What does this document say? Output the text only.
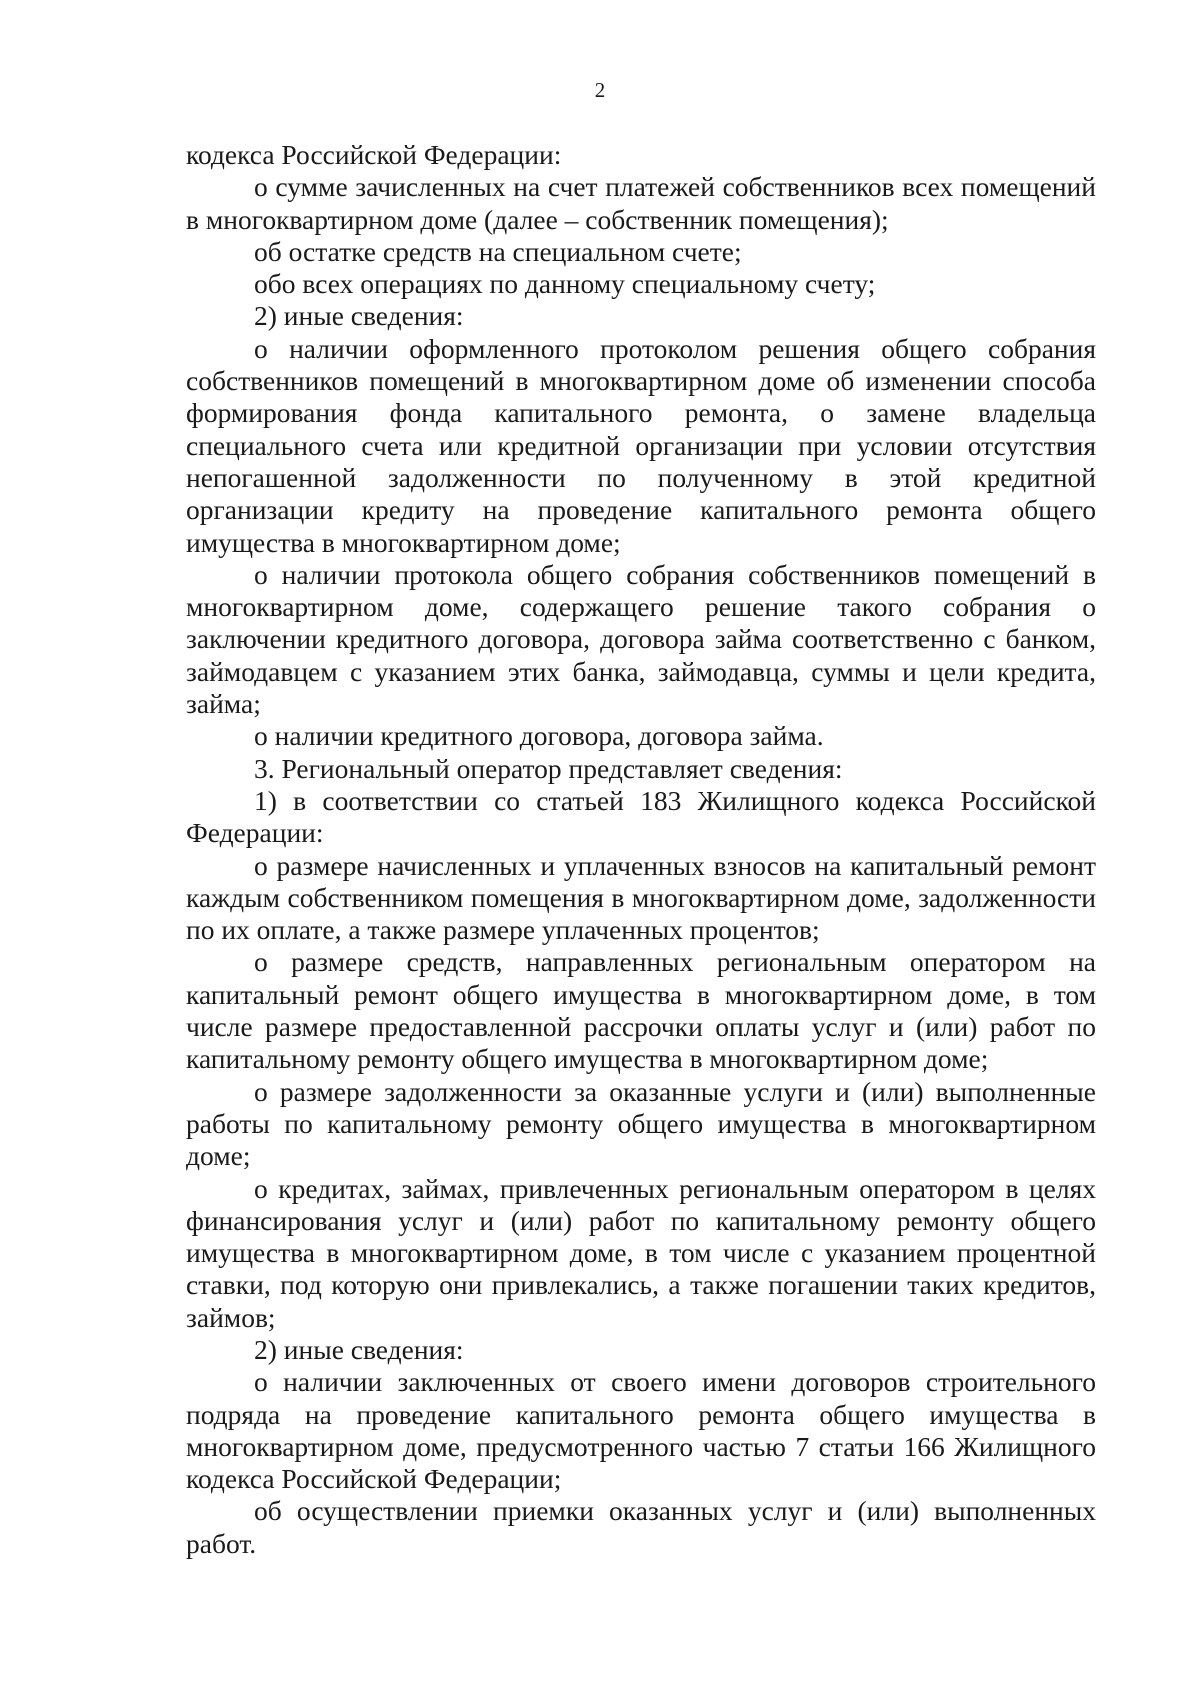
2

кодекса Российской Федерации:

о сумме зачисленных на счет платежей собственников всех помещений в многоквартирном доме (далее – собственник помещения);

об остатке средств на специальном счете;

обо всех операциях по данному специальному счету;

2) иные сведения:

о наличии оформленного протоколом решения общего собрания собственников помещений в многоквартирном доме об изменении способа формирования фонда капитального ремонта, о замене владельца специального счета или кредитной организации при условии отсутствия непогашенной задолженности по полученному в этой кредитной организации кредиту на проведение капитального ремонта общего имущества в многоквартирном доме;

о наличии протокола общего собрания собственников помещений в многоквартирном доме, содержащего решение такого собрания о заключении кредитного договора, договора займа соответственно с банком, займодавцем с указанием этих банка, займодавца, суммы и цели кредита, займа;

о наличии кредитного договора, договора займа.

3. Региональный оператор представляет сведения:

1) в соответствии со статьей 183 Жилищного кодекса Российской Федерации:

о размере начисленных и уплаченных взносов на капитальный ремонт каждым собственником помещения в многоквартирном доме, задолженности по их оплате, а также размере уплаченных процентов;

о размере средств, направленных региональным оператором на капитальный ремонт общего имущества в многоквартирном доме, в том числе размере предоставленной рассрочки оплаты услуг и (или) работ по капитальному ремонту общего имущества в многоквартирном доме;

о размере задолженности за оказанные услуги и (или) выполненные работы по капитальному ремонту общего имущества в многоквартирном доме;

о кредитах, займах, привлеченных региональным оператором в целях финансирования услуг и (или) работ по капитальному ремонту общего имущества в многоквартирном доме, в том числе с указанием процентной ставки, под которую они привлекались, а также погашении таких кредитов, займов;

2) иные сведения:

о наличии заключенных от своего имени договоров строительного подряда на проведение капитального ремонта общего имущества в многоквартирном доме, предусмотренного частью 7 статьи 166 Жилищного кодекса Российской Федерации;

об осуществлении приемки оказанных услуг и (или) выполненных работ.
